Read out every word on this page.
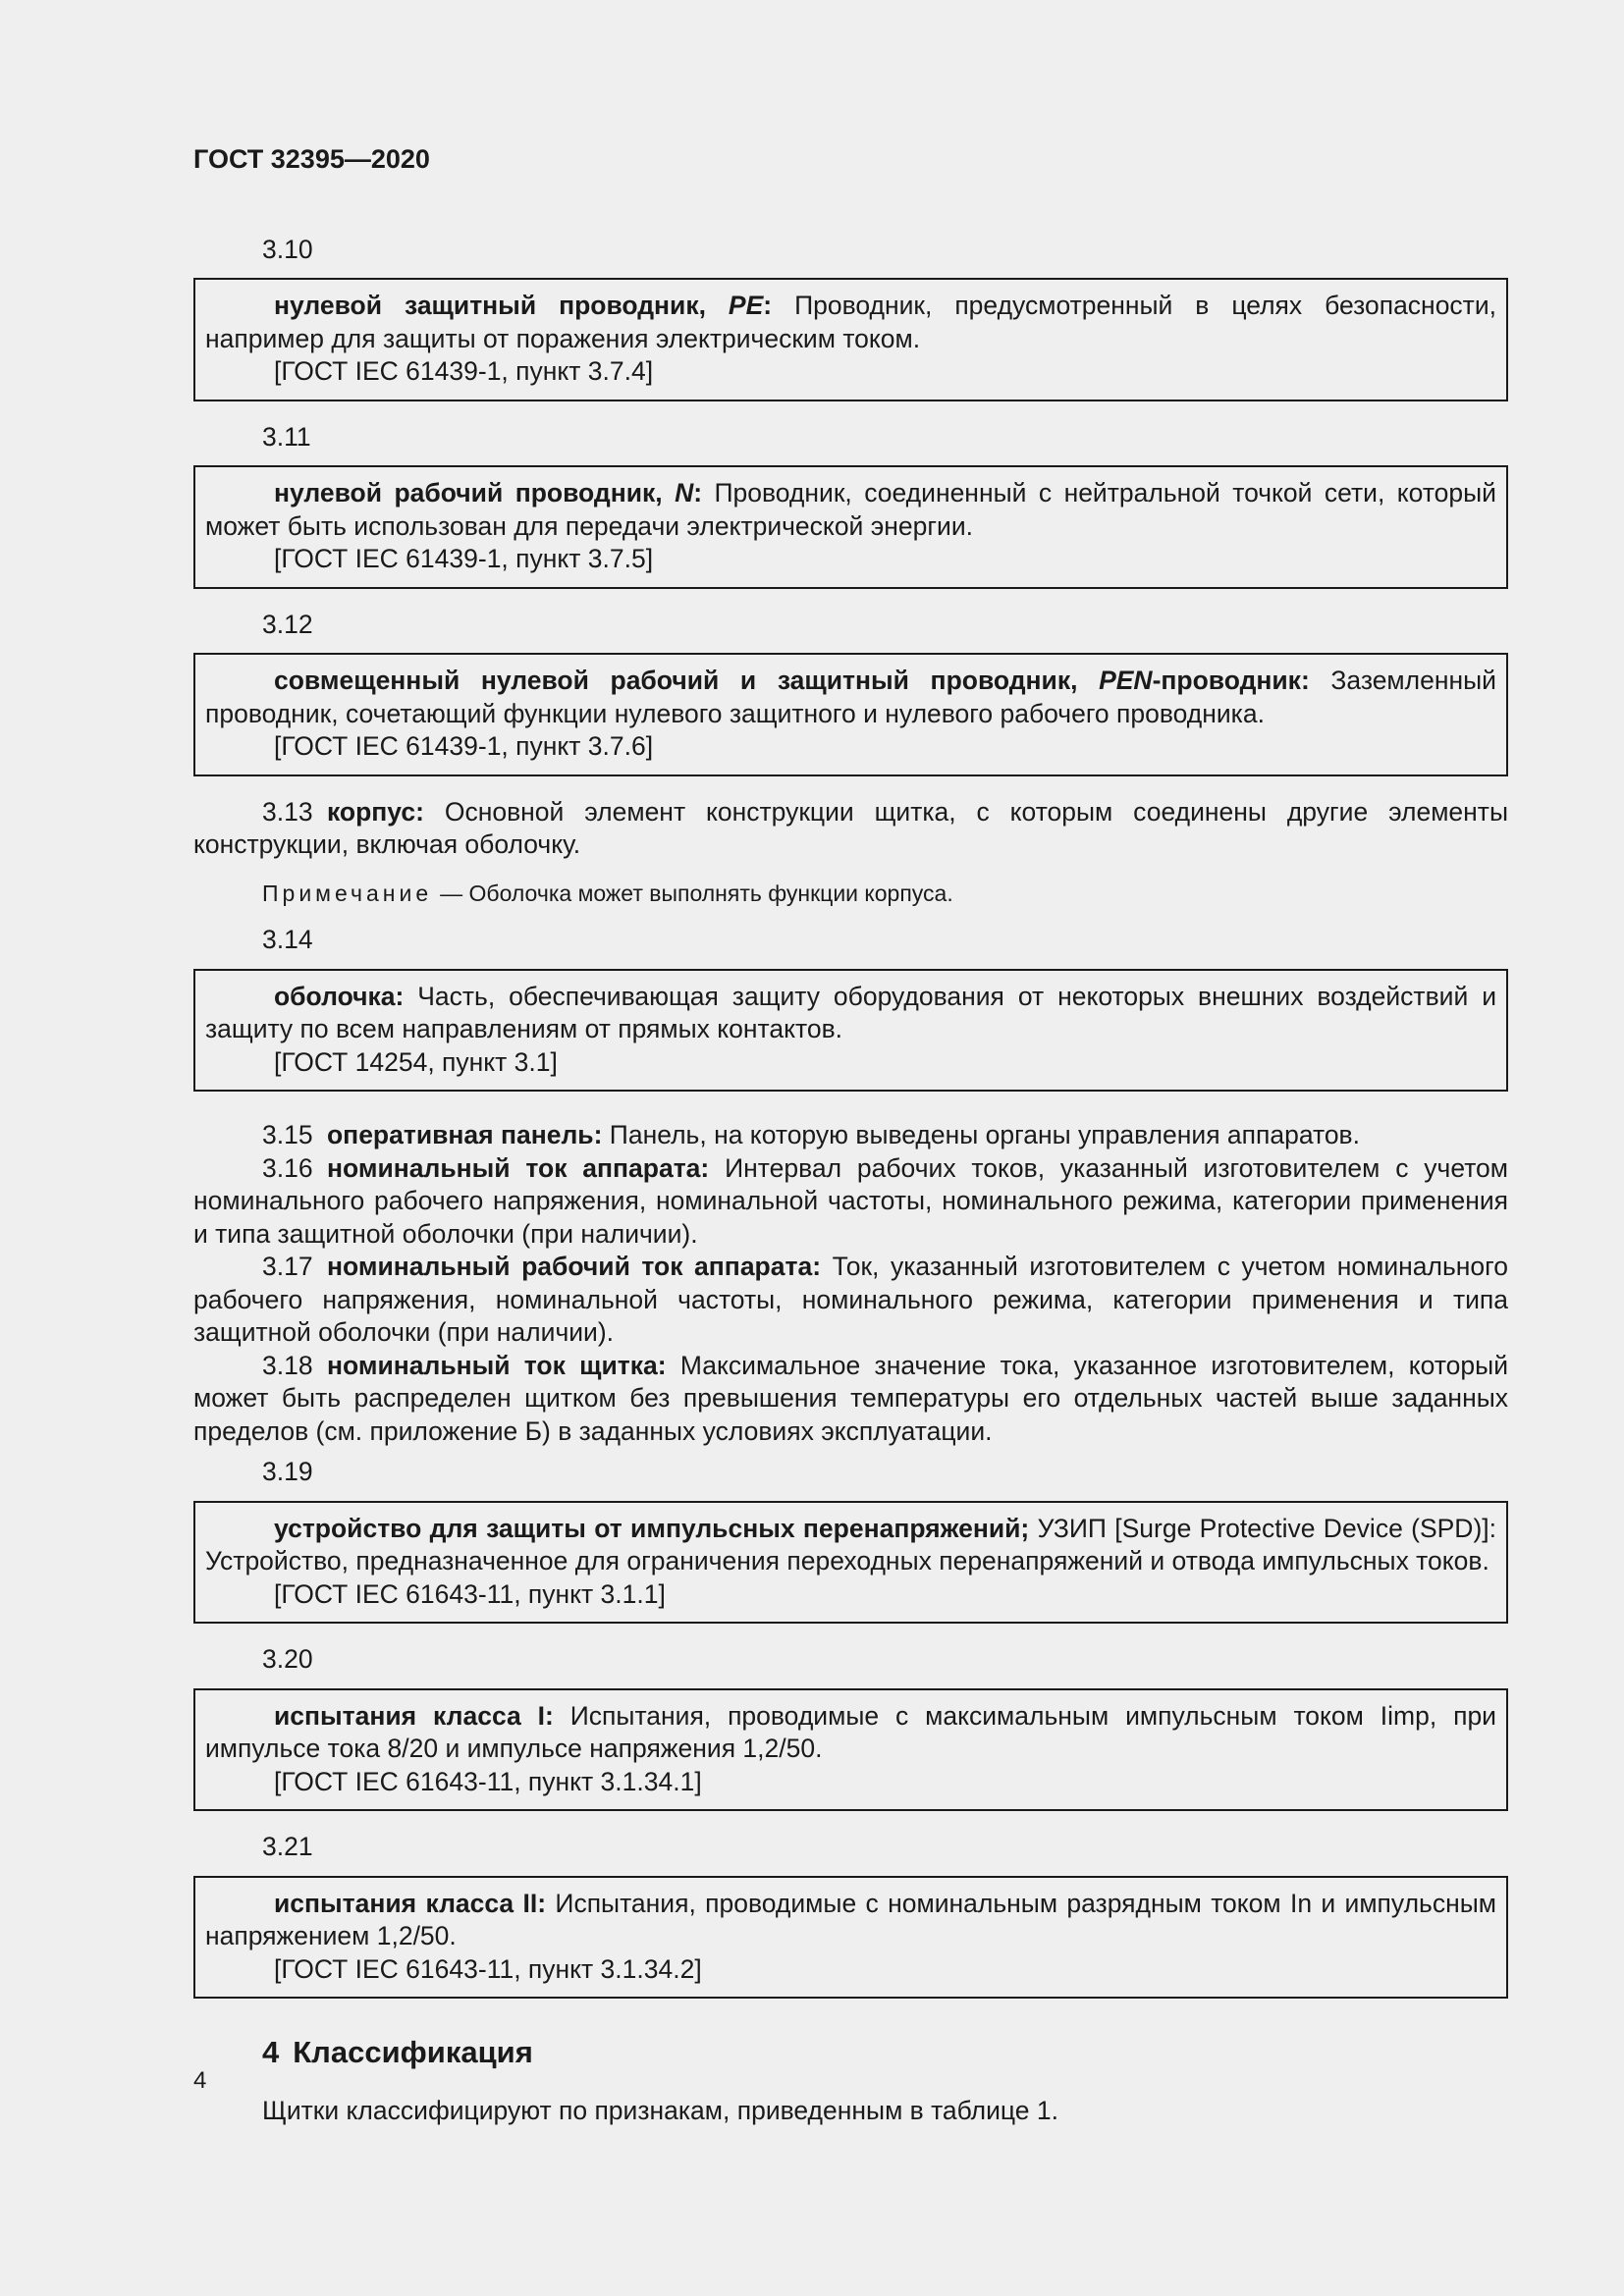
ГОСТ 32395—2020
3.10

нулевой защитный проводник, PE: Проводник, предусмотренный в целях безопасности, например для защиты от поражения электрическим током.

[ГОСТ IEC 61439-1, пункт 3.7.4]

3.11

нулевой рабочий проводник, N: Проводник, соединенный с нейтральной точкой сети, который может быть использован для передачи электрической энергии.

[ГОСТ IEC 61439-1, пункт 3.7.5]

3.12

совмещенный нулевой рабочий и защитный проводник, PEN-проводник: Заземленный проводник, сочетающий функции нулевого защитного и нулевого рабочего проводника.

[ГОСТ IEC 61439-1, пункт 3.7.6]

3.13 корпус: Основной элемент конструкции щитка, с которым соединены другие элементы конструкции, включая оболочку.

Примечание — Оболочка может выполнять функции корпуса.
3.14

оболочка: Часть, обеспечивающая защиту оборудования от некоторых внешних воздействий и защиту по всем направлениям от прямых контактов.

[ГОСТ 14254, пункт 3.1]

3.15 оперативная панель: Панель, на которую выведены органы управления аппаратов.

3.16 номинальный ток аппарата: Интервал рабочих токов, указанный изготовителем с учетом номинального рабочего напряжения, номинальной частоты, номинального режима, категории применения и типа защитной оболочки (при наличии).

3.17 номинальный рабочий ток аппарата: Ток, указанный изготовителем с учетом номинального рабочего напряжения, номинальной частоты, номинального режима, категории применения и типа защитной оболочки (при наличии).

3.18 номинальный ток щитка: Максимальное значение тока, указанное изготовителем, который может быть распределен щитком без превышения температуры его отдельных частей выше заданных пределов (см. приложение Б) в заданных условиях эксплуатации.

3.19

устройство для защиты от импульсных перенапряжений; УЗИП [Surge Protective Device (SPD)]: Устройство, предназначенное для ограничения переходных перенапряжений и отвода импульсных токов.

[ГОСТ IEC 61643-11, пункт 3.1.1]

3.20

испытания класса I: Испытания, проводимые с максимальным импульсным током Iimp, при импульсе тока 8/20 и импульсе напряжения 1,2/50.

[ГОСТ IEC 61643-11, пункт 3.1.34.1]

3.21

испытания класса II: Испытания, проводимые с номинальным разрядным током In и импульсным напряжением 1,2/50.

[ГОСТ IEC 61643-11, пункт 3.1.34.2]

4 Классификация

Щитки классифицируют по признакам, приведенным в таблице 1.

4
